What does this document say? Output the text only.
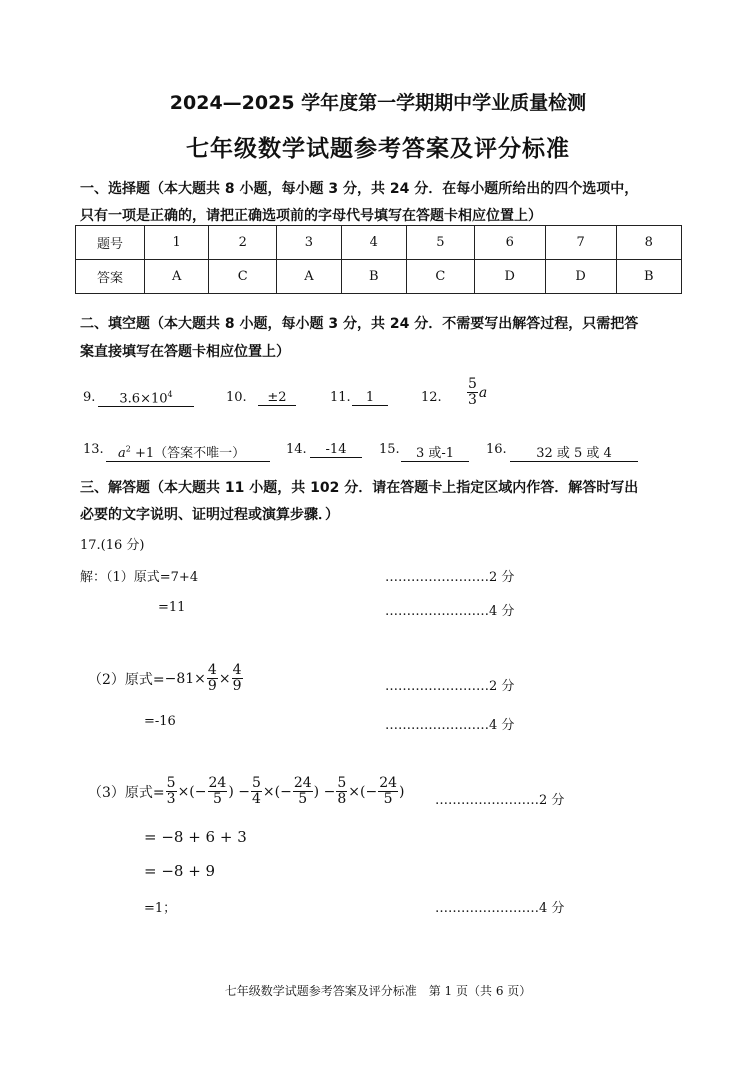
2024—2025 学年度第一学期期中学业质量检测
七年级数学试题参考答案及评分标准
一、选择题（本大题共 8 小题，每小题 3 分，共 24 分．在每小题所给出的四个选项中，
只有一项是正确的，请把正确选项前的字母代号填写在答题卡相应位置上）
题号	1	2	3	4	5	6	7	8
答案	A	C	A	B	C	D	D	B
二、填空题（本大题共 8 小题，每小题 3 分，共 24 分．不需要写出解答过程，只需把答
案直接填写在答题卡相应位置上）
9.	$3.6\times 10^4$	10.	±2	11.	1	12. $\frac{5}{3}$ a
13.	$a^2 +1$（答案不唯一）	14.	-14	15.	3 或-1	16.	32 或 5 或 4
三、解答题（本大题共 11 小题，共 102 分．请在答题卡上指定区域内作答．解答时写出
必要的文字说明、证明过程或演算步骤．）
17.(16 分)
解：（1）原式=7+4	……………………2 分
=11	……………………4 分
（2）原式= $-81\times \frac{4}{9} \times \frac{4}{9}$	……………………2 分
=-16	……………………4 分
（3）原式= $\frac{5}{3}$ ×(− $\frac{24}{5}$ ) − $\frac{5}{4}$ ×(− $\frac{24}{5}$ ) − $\frac{5}{8}$ ×(− $\frac{24}{5}$ )
……………………2 分
= −8 + 6 + 3
= −8 + 9
=1；	……………………4 分
七年级数学试题参考答案及评分标准　第 1 页（共 6 页）
